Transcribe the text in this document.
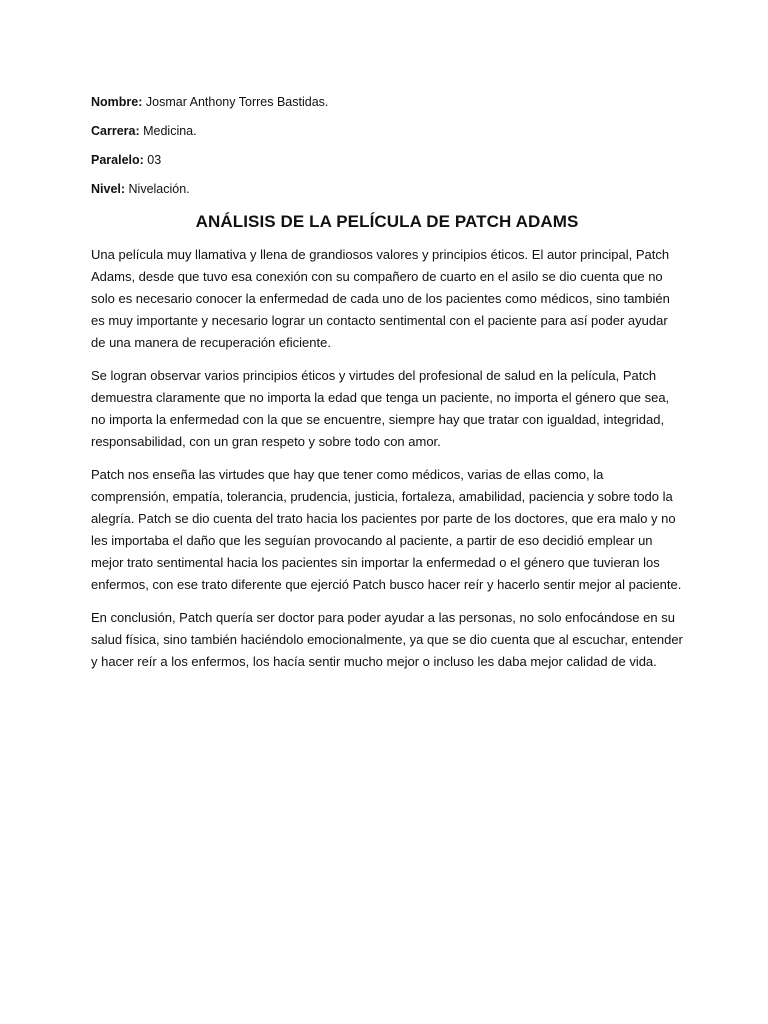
Nombre: Josmar Anthony Torres Bastidas.
Carrera: Medicina.
Paralelo: 03
Nivel: Nivelación.
ANÁLISIS DE LA PELÍCULA DE PATCH ADAMS

Una película muy llamativa y llena de grandiosos valores y principios éticos. El autor principal, Patch Adams, desde que tuvo esa conexión con su compañero de cuarto en el asilo se dio cuenta que no solo es necesario conocer la enfermedad de cada uno de los pacientes como médicos, sino también es muy importante y necesario lograr un contacto sentimental con el paciente para así poder ayudar de una manera de recuperación eficiente.

Se logran observar varios principios éticos y virtudes del profesional de salud en la película, Patch demuestra claramente que no importa la edad que tenga un paciente, no importa el género que sea, no importa la enfermedad con la que se encuentre, siempre hay que tratar con igualdad, integridad, responsabilidad, con un gran respeto y sobre todo con amor.

Patch nos enseña las virtudes que hay que tener como médicos, varias de ellas como, la comprensión, empatía, tolerancia, prudencia, justicia, fortaleza, amabilidad, paciencia y sobre todo la alegría. Patch se dio cuenta del trato hacia los pacientes por parte de los doctores, que era malo y no les importaba el daño que les seguían provocando al paciente, a partir de eso decidió emplear un mejor trato sentimental hacia los pacientes sin importar la enfermedad o el género que tuvieran los enfermos, con ese trato diferente que ejerció Patch busco hacer reír y hacerlo sentir mejor al paciente.

En conclusión, Patch quería ser doctor para poder ayudar a las personas, no solo enfocándose en su salud física, sino también haciéndolo emocionalmente, ya que se dio cuenta que al escuchar, entender y hacer reír a los enfermos, los hacía sentir mucho mejor o incluso les daba mejor calidad de vida.
